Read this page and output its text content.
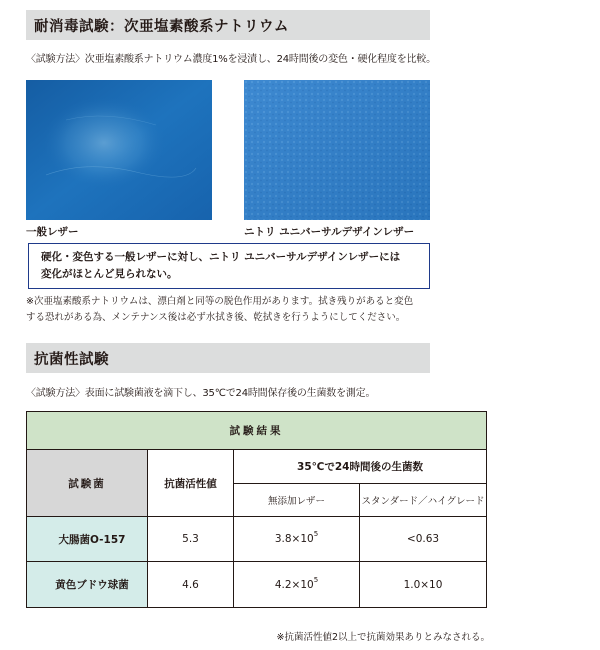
耐消毒試験：次亜塩素酸系ナトリウム
〈試験方法〉次亜塩素酸系ナトリウム濃度1%を浸漬し、24時間後の変色・硬化程度を比較。
一般レザー	ニトリ ユニバーサルデザインレザー
硬化・変色する一般レザーに対し、ニトリ ユニバーサルデザインレザーには
変化がほとんど見られない。
※次亜塩素酸系ナトリウムは、漂白剤と同等の脱色作用があります。拭き残りがあると変色
する恐れがある為、メンテナンス後は必ず水拭き後、乾拭きを行うようにしてください。
抗菌性試験
〈試験方法〉表面に試験菌液を滴下し、35℃で24時間保存後の生菌数を測定。
試験結果			
試験菌	抗菌活性値	35℃で24時間後の生菌数	
		無添加レザー	スタンダード／ハイグレード
大腸菌O-157	5.3	$3.8\times 10^5$	<0.63
黄色ブドウ球菌	4.6	$4.2\times 10^5$	1.0×10
※抗菌活性値2以上で抗菌効果ありとみなされる。
